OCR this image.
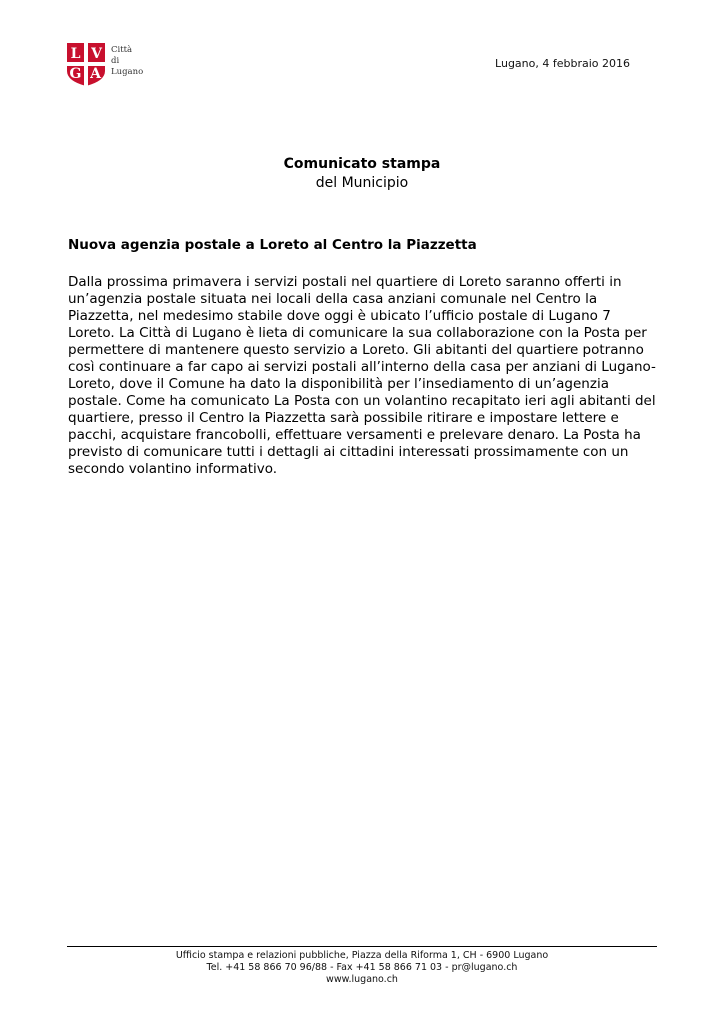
L V
G A
Città
di
Lugano
Lugano, 4 febbraio 2016
Comunicato stampa
del Municipio
Nuova agenzia postale a Loreto al Centro la Piazzetta
Dalla prossima primavera i servizi postali nel quartiere di Loreto saranno offerti in un’agenzia postale situata nei locali della casa anziani comunale nel Centro la Piazzetta, nel medesimo stabile dove oggi è ubicato l’ufficio postale di Lugano 7 Loreto. La Città di Lugano è lieta di comunicare la sua collaborazione con la Posta per permettere di mantenere questo servizio a Loreto. Gli abitanti del quartiere potranno così continuare a far capo ai servizi postali all’interno della casa per anziani di Lugano-Loreto, dove il Comune ha dato la disponibilità per l’insediamento di un’agenzia postale. Come ha comunicato La Posta con un volantino recapitato ieri agli abitanti del quartiere, presso il Centro la Piazzetta sarà possibile ritirare e impostare lettere e pacchi, acquistare francobolli, effettuare versamenti e prelevare denaro. La Posta ha previsto di comunicare tutti i dettagli ai cittadini interessati prossimamente con un secondo volantino informativo.
Ufficio stampa e relazioni pubbliche, Piazza della Riforma 1, CH - 6900 Lugano
Tel. +41 58 866 70 96/88 - Fax +41 58 866 71 03 - pr@lugano.ch
www.lugano.ch
